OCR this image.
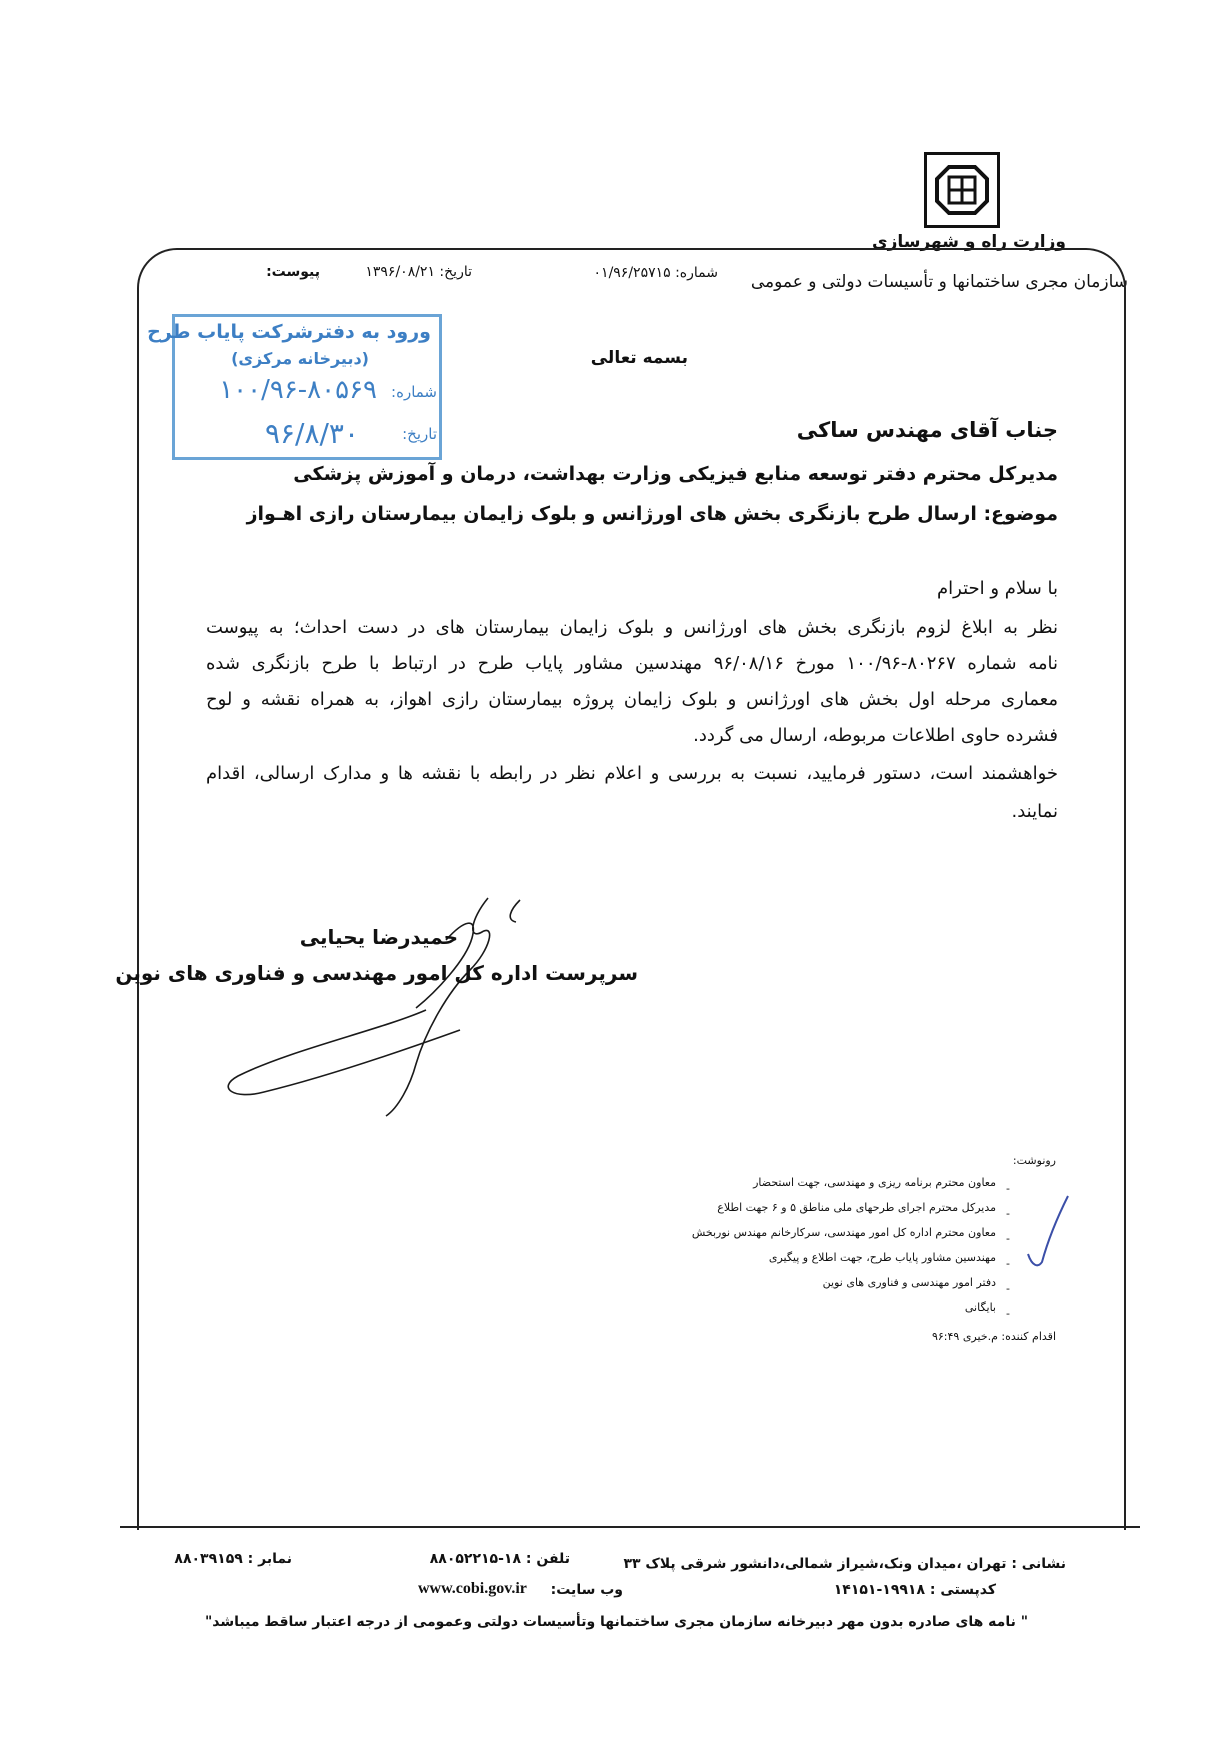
وزارت راه و شهرسازی
سازمان مجری ساختمانها و تأسیسات دولتی و عمومی
شماره: ۰۱/۹۶/۲۵۷۱۵
تاریخ: ۱۳۹۶/۰۸/۲۱
پیوست:
ورود به دفترشرکت پایاب طرح
(دبیرخانه مرکزی)
شماره:
۱۰۰/۹۶-۸۰۵۶۹
تاریخ:
۹۶/۸/۳۰
بسمه تعالی
جناب آقای مهندس ساکی
مدیرکل محترم دفتر توسعه منابع فیزیکی وزارت بهداشت، درمان و آموزش پزشکی
موضوع: ارسال طرح بازنگری بخش های اورژانس و بلوک زایمان بیمارستان رازی اهـواز
با سلام و احترام
نظر به ابلاغ لزوم بازنگری بخش های اورژانس و بلوک زایمان بیمارستان های در دست احداث؛ به پیوست
نامه شماره ۸۰۲۶۷-۱۰۰/۹۶ مورخ ۹۶/۰۸/۱۶ مهندسین مشاور پایاب طرح در ارتباط با طرح بازنگری شده
معماری مرحله اول بخش های اورژانس و بلوک زایمان پروژه بیمارستان رازی اهواز، به همراه نقشه و لوح
فشرده حاوی اطلاعات مربوطه، ارسال می گردد.
خواهشمند است، دستور فرمایید، نسبت به بررسی و اعلام نظر در رابطه با نقشه ها و مدارک ارسالی، اقدام
نمایند.
حمیدرضا یحیایی
سرپرست اداره کل امور مهندسی و فناوری های نوین
رونوشت:
معاون محترم برنامه ریزی و مهندسی، جهت استحضار
مدیرکل محترم اجرای طرحهای ملی مناطق ۵ و ۶ جهت اطلاع
معاون محترم اداره کل امور مهندسی، سرکارخانم مهندس نوربخش
مهندسین مشاور پایاب طرح، جهت اطلاع و پیگیری
دفتر امور مهندسی و فناوری های نوین
بایگانی
-
-
-
-
-
-
اقدام کننده: م.خیری ۹۶:۴۹
نشانی : تهران ،میدان ونک،شیراز شمالی،دانشور شرقی پلاک ۳۳
تلفن : ۱۸-۸۸۰۵۲۲۱۵
نمابر : ۸۸۰۳۹۱۵۹
کدپستی : ۱۹۹۱۸-۱۴۱۵۱
وب سایت:
www.cobi.gov.ir
" نامه های صادره بدون مهر دبیرخانه سازمان مجری ساختمانها وتأسیسات دولتی وعمومی از درجه اعتبار ساقط میباشد"
